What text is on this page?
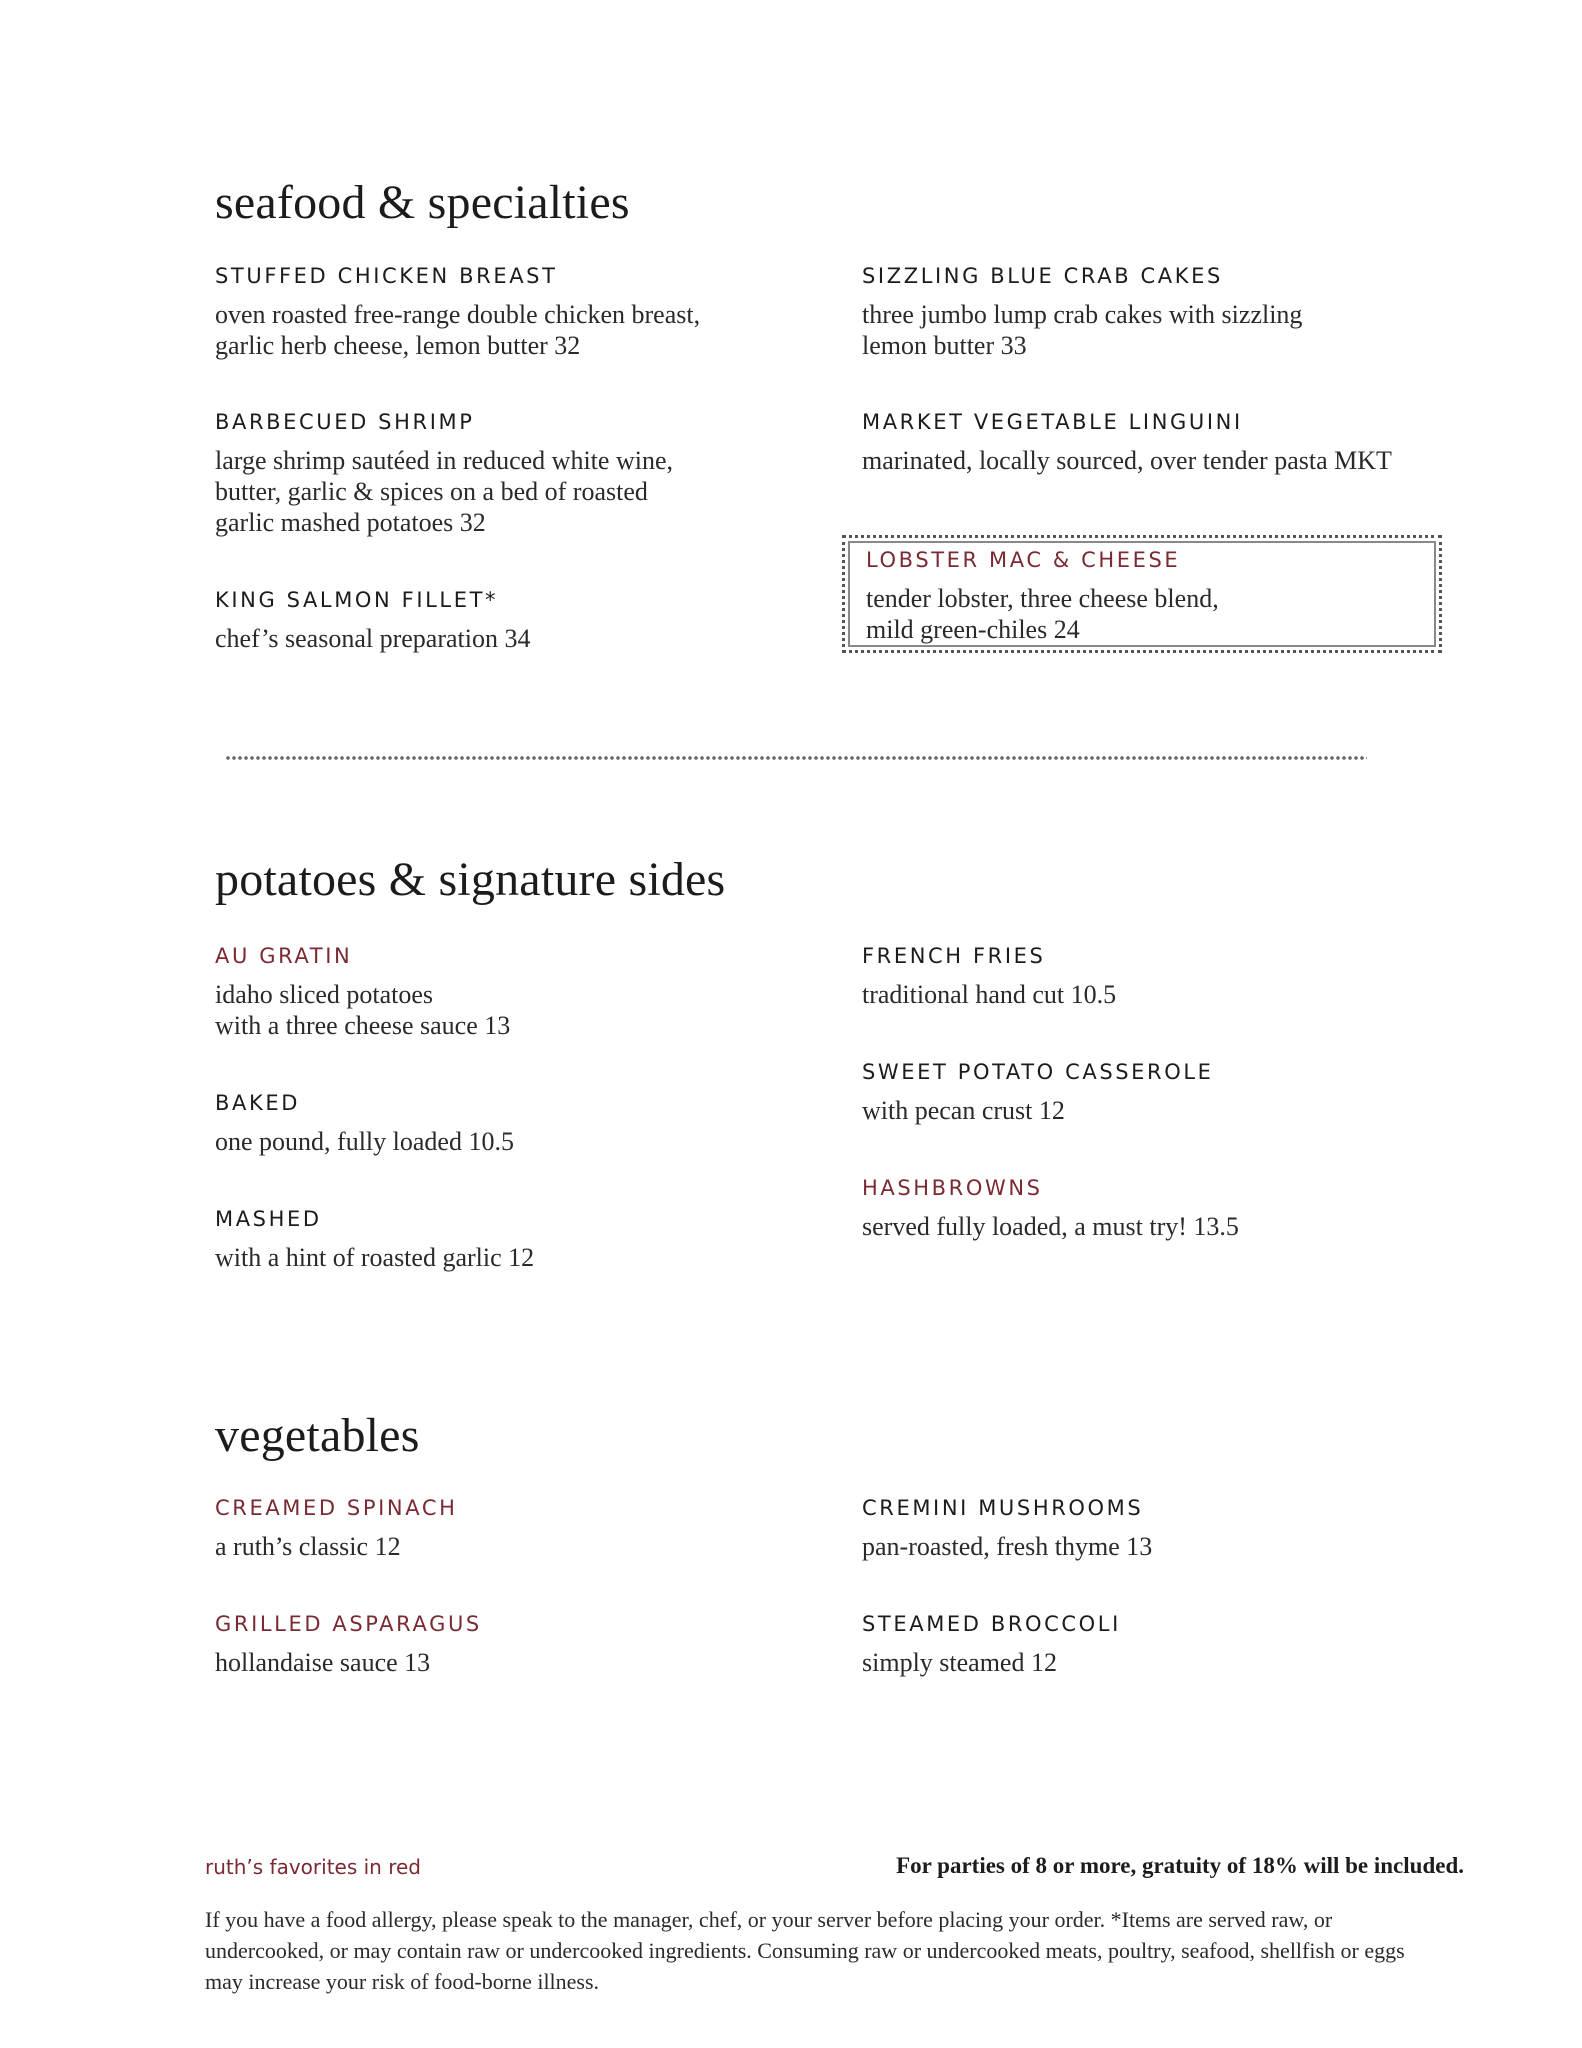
seafood & specialties
STUFFED CHICKEN BREAST
oven roasted free-range double chicken breast,
garlic herb cheese, lemon butter 32
SIZZLING BLUE CRAB CAKES
three jumbo lump crab cakes with sizzling
lemon butter 33
BARBECUED SHRIMP
large shrimp sautéed in reduced white wine,
butter, garlic & spices on a bed of roasted
garlic mashed potatoes 32
MARKET VEGETABLE LINGUINI
marinated, locally sourced, over tender pasta MKT
KING SALMON FILLET*
chef’s seasonal preparation 34
LOBSTER MAC & CHEESE
tender lobster, three cheese blend,
mild green-chiles 24
potatoes & signature sides
AU GRATIN
idaho sliced potatoes
with a three cheese sauce 13
FRENCH FRIES
traditional hand cut 10.5
BAKED
one pound, fully loaded 10.5
SWEET POTATO CASSEROLE
with pecan crust 12
MASHED
with a hint of roasted garlic 12
HASHBROWNS
served fully loaded, a must try! 13.5
vegetables
CREAMED SPINACH
a ruth’s classic 12
CREMINI MUSHROOMS
pan-roasted, fresh thyme 13
GRILLED ASPARAGUS
hollandaise sauce 13
STEAMED BROCCOLI
simply steamed 12
ruth’s favorites in red	For parties of 8 or more, gratuity of 18% will be included.
If you have a food allergy, please speak to the manager, chef, or your server before placing your order. *Items are served raw, or undercooked, or may contain raw or undercooked ingredients. Consuming raw or undercooked meats, poultry, seafood, shellfish or eggs may increase your risk of food-borne illness.
